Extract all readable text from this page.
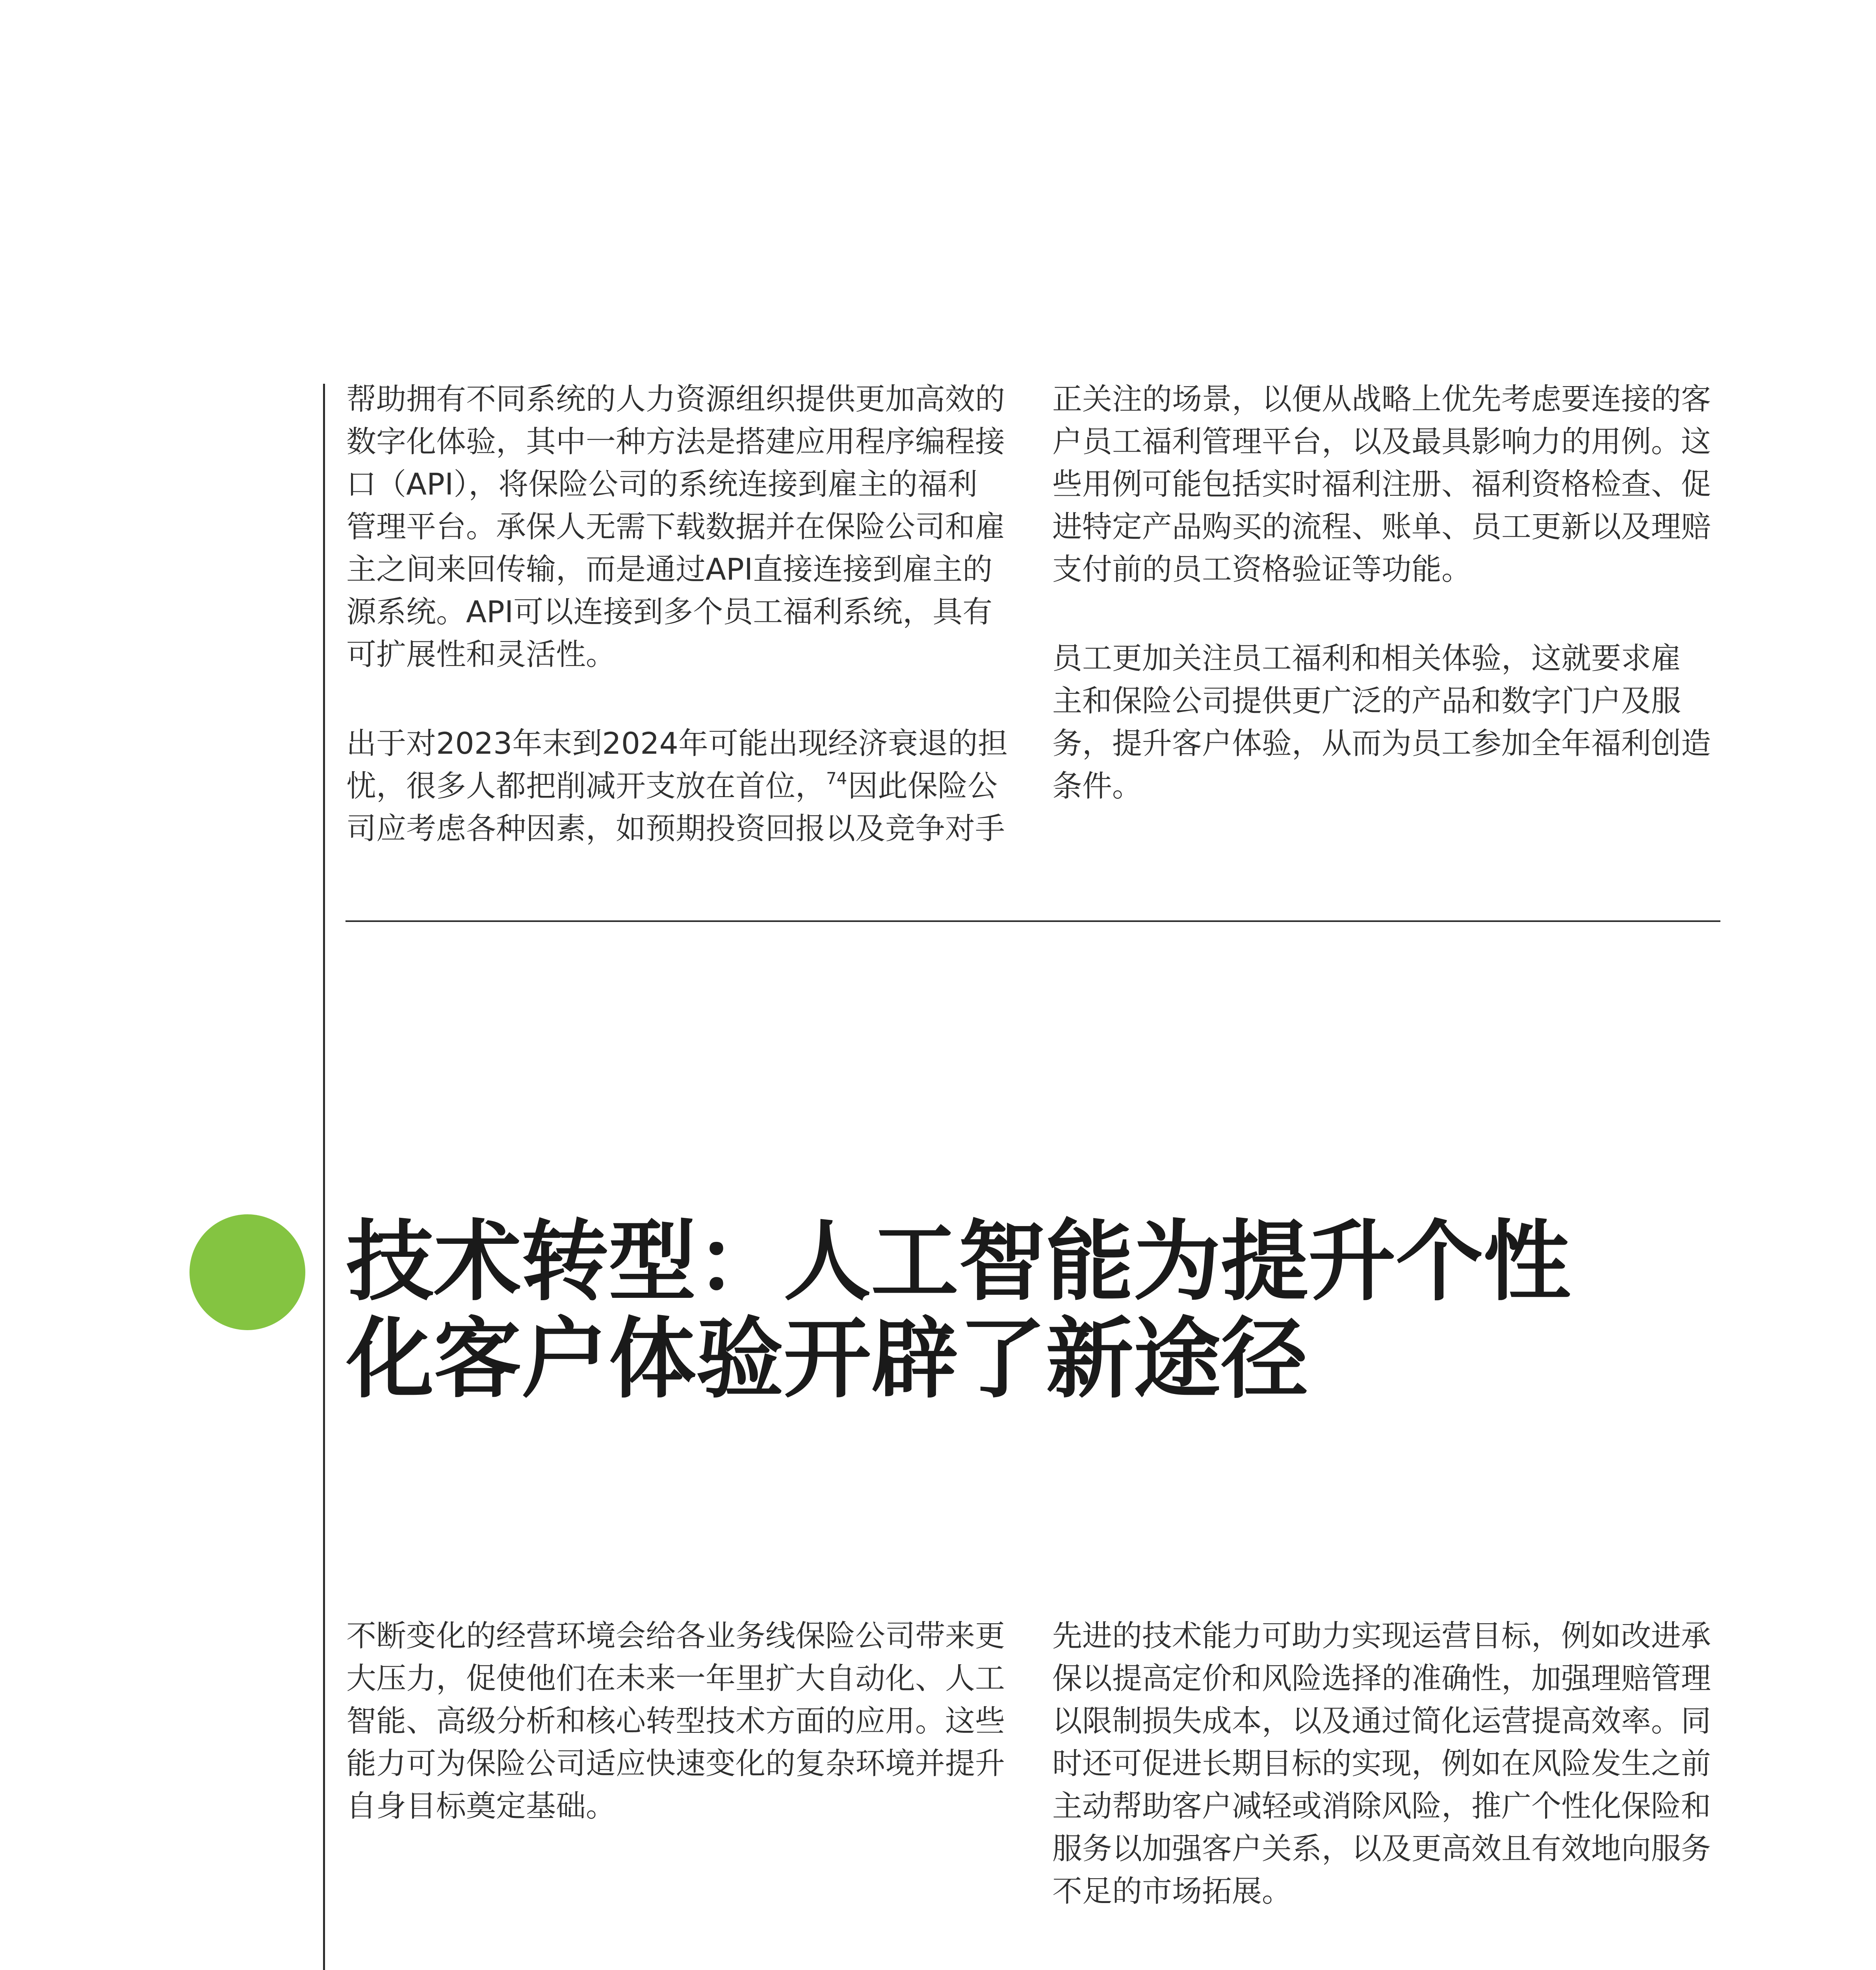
帮助拥有不同系统的人力资源组织提供更加高效的
数字化体验，其中一种方法是搭建应用程序编程接
口（API），将保险公司的系统连接到雇主的福利
管理平台。承保人无需下载数据并在保险公司和雇
主之间来回传输，而是通过API直接连接到雇主的
源系统。API可以连接到多个员工福利系统，具有
可扩展性和灵活性。
出于对2023年末到2024年可能出现经济衰退的担
忧，很多人都把削减开支放在首位，$^{74}$因此保险公
司应考虑各种因素，如预期投资回报以及竞争对手
正关注的场景，以便从战略上优先考虑要连接的客
户员工福利管理平台，以及最具影响力的用例。这
些用例可能包括实时福利注册、福利资格检查、促
进特定产品购买的流程、账单、员工更新以及理赔
支付前的员工资格验证等功能。
员工更加关注员工福利和相关体验，这就要求雇
主和保险公司提供更广泛的产品和数字门户及服
务，提升客户体验，从而为员工参加全年福利创造
条件。
技术转型：人工智能为提升个性
化客户体验开辟了新途径
不断变化的经营环境会给各业务线保险公司带来更
大压力，促使他们在未来一年里扩大自动化、人工
智能、高级分析和核心转型技术方面的应用。这些
能力可为保险公司适应快速变化的复杂环境并提升
自身目标奠定基础。
先进的技术能力可助力实现运营目标，例如改进承
保以提高定价和风险选择的准确性，加强理赔管理
以限制损失成本，以及通过简化运营提高效率。同
时还可促进长期目标的实现，例如在风险发生之前
主动帮助客户减轻或消除风险，推广个性化保险和
服务以加强客户关系，以及更高效且有效地向服务
不足的市场拓展。
